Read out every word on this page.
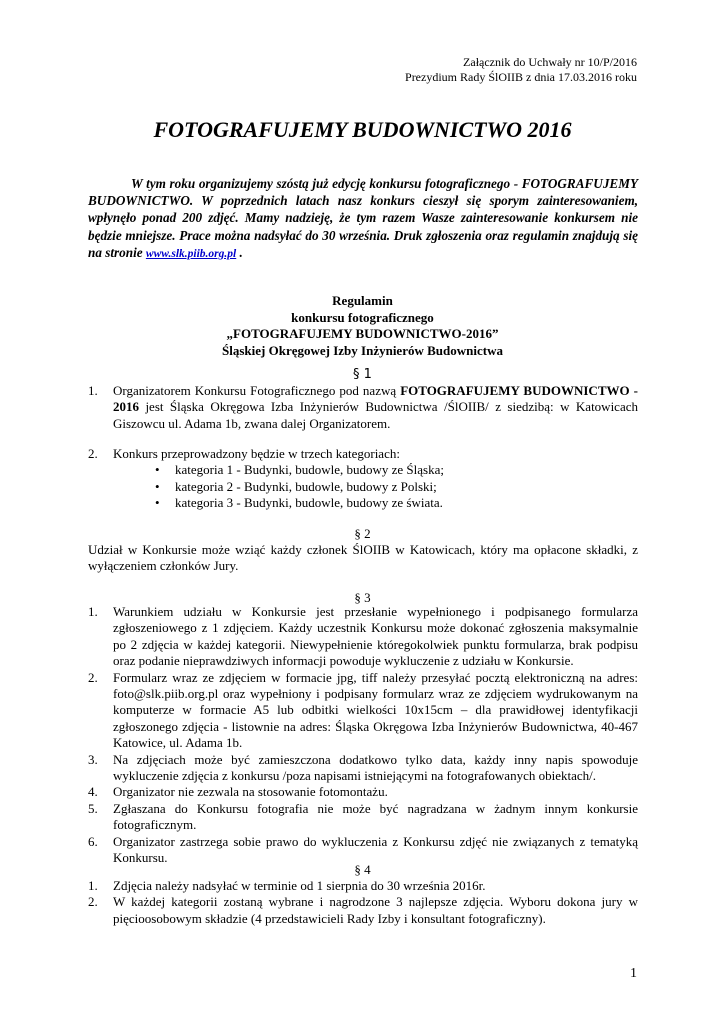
Załącznik do Uchwały nr 10/P/2016
Prezydium Rady ŚlOIIB z dnia 17.03.2016 roku
FOTOGRAFUJEMY BUDOWNICTWO 2016
W tym roku organizujemy szóstą już edycję konkursu fotograficznego - FOTOGRAFUJEMY BUDOWNICTWO. W poprzednich latach nasz konkurs cieszył się sporym zainteresowaniem, wpłynęło ponad 200 zdjęć. Mamy nadzieję, że tym razem Wasze zainteresowanie konkursem nie będzie mniejsze. Prace można nadsyłać do 30 września. Druk zgłoszenia oraz regulamin znajdują się na stronie www.slk.piib.org.pl .
Regulamin
konkursu fotograficznego
„FOTOGRAFUJEMY BUDOWNICTWO-2016”
Śląskiej Okręgowej Izby Inżynierów Budownictwa
§ 1
1. Organizatorem Konkursu Fotograficznego pod nazwą FOTOGRAFUJEMY BUDOWNICTWO - 2016 jest Śląska Okręgowa Izba Inżynierów Budownictwa /ŚlOIIB/ z siedzibą: w Katowicach Giszowcu ul. Adama 1b, zwana dalej Organizatorem.
2. Konkurs przeprowadzony będzie w trzech kategoriach:
• kategoria 1 - Budynki, budowle, budowy ze Śląska;
• kategoria 2 - Budynki, budowle, budowy z Polski;
• kategoria 3 - Budynki, budowle, budowy ze świata.
§ 2
Udział w Konkursie może wziąć każdy członek ŚlOIIB w Katowicach, który ma opłacone składki, z wyłączeniem członków Jury.
§ 3
1. Warunkiem udziału w Konkursie jest przesłanie wypełnionego i podpisanego formularza zgłoszeniowego z 1 zdjęciem. Każdy uczestnik Konkursu może dokonać zgłoszenia maksymalnie po 2 zdjęcia w każdej kategorii. Niewypełnienie któregokolwiek punktu formularza, brak podpisu oraz podanie nieprawdziwych informacji powoduje wykluczenie z udziału w Konkursie.
2. Formularz wraz ze zdjęciem w formacie jpg, tiff należy przesyłać pocztą elektroniczną na adres: foto@slk.piib.org.pl oraz wypełniony i podpisany formularz wraz ze zdjęciem wydrukowanym na komputerze w formacie A5 lub odbitki wielkości 10x15cm – dla prawidłowej identyfikacji zgłoszonego zdjęcia - listownie na adres: Śląska Okręgowa Izba Inżynierów Budownictwa, 40-467 Katowice, ul. Adama 1b.
3. Na zdjęciach może być zamieszczona dodatkowo tylko data, każdy inny napis spowoduje wykluczenie zdjęcia z konkursu /poza napisami istniejącymi na fotografowanych obiektach/.
4. Organizator nie zezwala na stosowanie fotomontażu.
5. Zgłaszana do Konkursu fotografia nie może być nagradzana w żadnym innym konkursie fotograficznym.
6. Organizator zastrzega sobie prawo do wykluczenia z Konkursu zdjęć nie związanych z tematyką Konkursu.
§ 4
1. Zdjęcia należy nadsyłać w terminie od 1 sierpnia do 30 września 2016r.
2. W każdej kategorii zostaną wybrane i nagrodzone 3 najlepsze zdjęcia. Wyboru dokona jury w pięcioosobowym składzie (4 przedstawicieli Rady Izby i konsultant fotograficzny).
1
